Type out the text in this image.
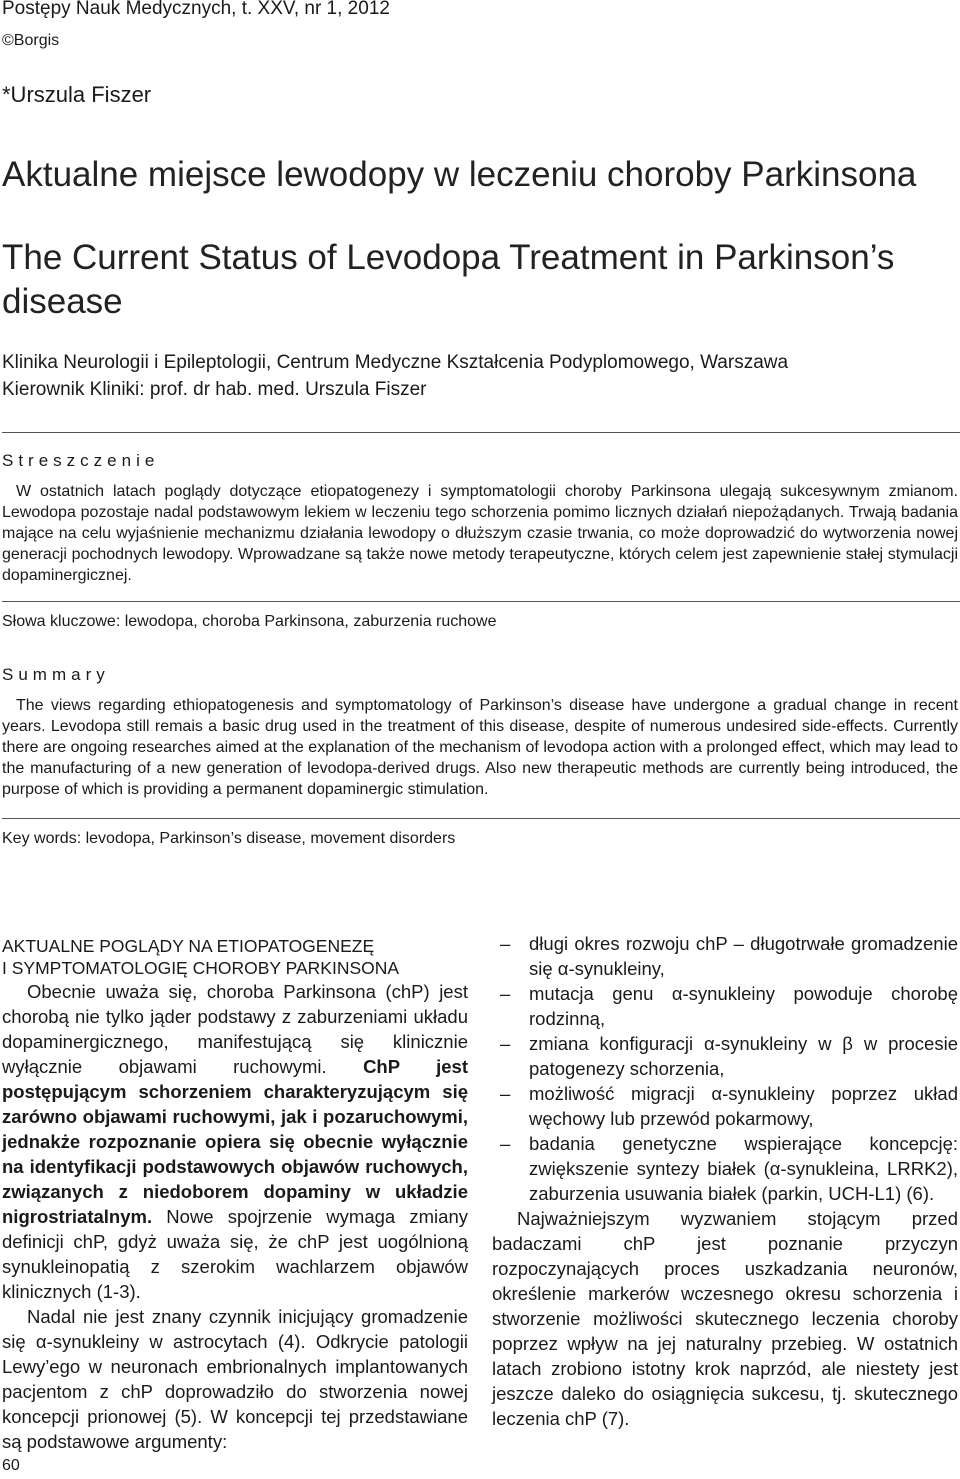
Postępy Nauk Medycznych, t. XXV, nr 1, 2012
©Borgis
*Urszula Fiszer
Aktualne miejsce lewodopy w leczeniu choroby Parkinsona
The Current Status of Levodopa Treatment in Parkinson’s disease
Klinika Neurologii i Epileptologii, Centrum Medyczne Kształcenia Podyplomowego, Warszawa
Kierownik Kliniki: prof. dr hab. med. Urszula Fiszer
Streszczenie

W ostatnich latach poglądy dotyczące etiopatogenezy i symptomatologii choroby Parkinsona ulegają sukcesywnym zmianom. Lewodopa pozostaje nadal podstawowym lekiem w leczeniu tego schorzenia pomimo licznych działań niepożądanych. Trwają badania mające na celu wyjaśnienie mechanizmu działania lewodopy o dłuższym czasie trwania, co może doprowadzić do wytworzenia nowej generacji pochodnych lewodopy. Wprowadzane są także nowe metody terapeutyczne, których celem jest zapewnienie stałej stymulacji dopaminergicznej.

Słowa kluczowe: lewodopa, choroba Parkinsona, zaburzenia ruchowe
Summary

The views regarding ethiopatogenesis and symptomatology of Parkinson’s disease have undergone a gradual change in recent years. Levodopa still remais a basic drug used in the treatment of this disease, despite of numerous undesired side-effects. Currently there are ongoing researches aimed at the explanation of the mechanism of levodopa action with a prolonged effect, which may lead to the manufacturing of a new generation of levodopa-derived drugs. Also new therapeutic methods are currently being introduced, the purpose of which is providing a permanent dopaminergic stimulation.

Key words: levodopa, Parkinson’s disease, movement disorders
AKTUALNE POGLĄDY NA ETIOPATOGENEZĘ
I SYMPTOMATOLOGIĘ CHOROBY PARKINSONA

Obecnie uważa się, choroba Parkinsona (chP) jest chorobą nie tylko jąder podstawy z zaburzeniami układu dopaminergicznego, manifestującą się klinicznie wyłącznie objawami ruchowymi. ChP jest postępującym schorzeniem charakteryzującym się zarówno objawami ruchowymi, jak i pozaruchowymi, jednakże rozpoznanie opiera się obecnie wyłącznie na identyfikacji podstawowych objawów ruchowych, związanych z niedoborem dopaminy w układzie nigrostriatalnym. Nowe spojrzenie wymaga zmiany definicji chP, gdyż uważa się, że chP jest uogólnioną synukleinopatią z szerokim wachlarzem objawów klinicznych (1-3).

Nadal nie jest znany czynnik inicjujący gromadzenie się α-synukleiny w astrocytach (4). Odkrycie patologii Lewy’ego w neuronach embrionalnych implantowanych pacjentom z chP doprowadziło do stworzenia nowej koncepcji prionowej (5). W koncepcji tej przedstawiane są podstawowe argumenty:

– długi okres rozwoju chP – długotrwałe gromadzenie się α-synukleiny,
– mutacja genu α-synukleiny powoduje chorobę rodzinną,
– zmiana konfiguracji α-synukleiny w β w procesie patogenezy schorzenia,
– możliwość migracji α-synukleiny poprzez układ węchowy lub przewód pokarmowy,
– badania genetyczne wspierające koncepcję: zwiększenie syntezy białek (α-synukleina, LRRK2), zaburzenia usuwania białek (parkin, UCH-L1) (6).

Najważniejszym wyzwaniem stojącym przed badaczami chP jest poznanie przyczyn rozpoczynających proces uszkadzania neuronów, określenie markerów wczesnego okresu schorzenia i stworzenie możliwości skutecznego leczenia choroby poprzez wpływ na jej naturalny przebieg. W ostatnich latach zrobiono istotny krok naprzód, ale niestety jest jeszcze daleko do osiągnięcia sukcesu, tj. skutecznego leczenia chP (7).

60
